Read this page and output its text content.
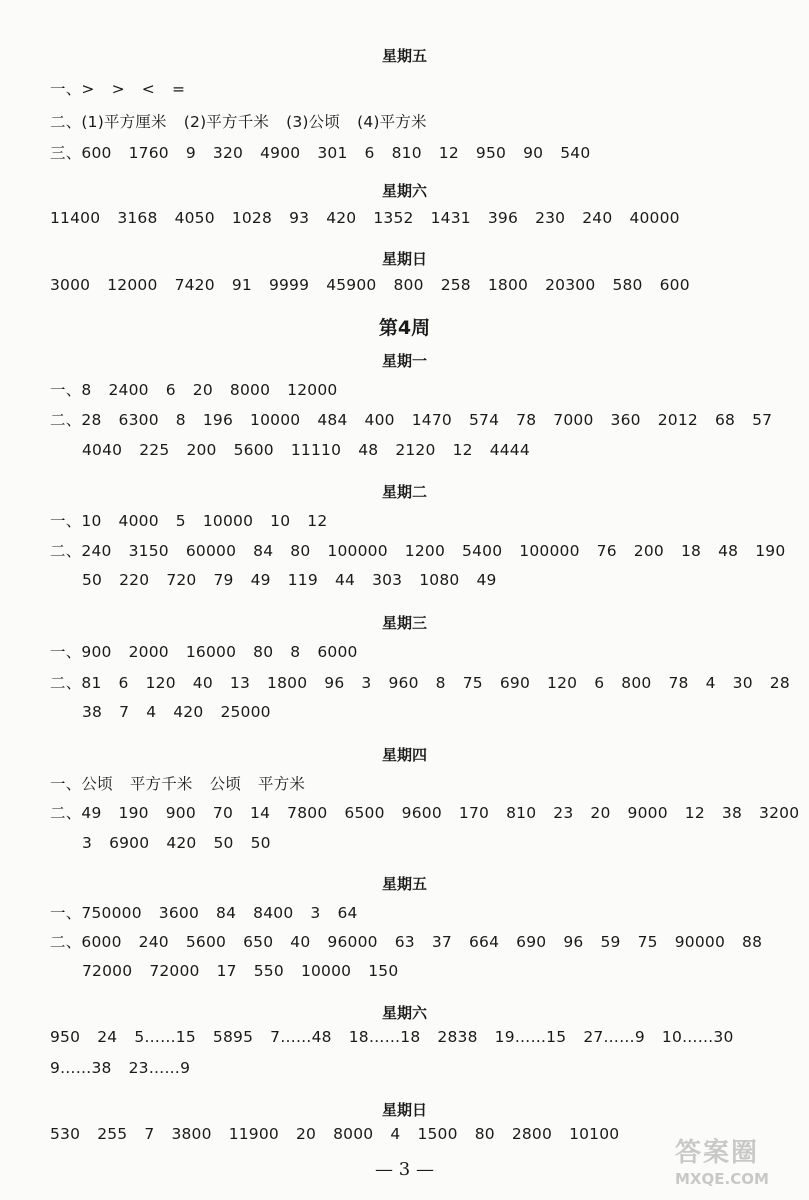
星期五
一、> > < =
二、(1)平方厘米 (2)平方千米 (3)公顷 (4)平方米
三、600 1760 9 320 4900 301 6 810 12 950 90 540
星期六
11400 3168 4050 1028 93 420 1352 1431 396 230 240 40000
星期日
3000 12000 7420 91 9999 45900 800 258 1800 20300 580 600
第4周
星期一
一、8 2400 6 20 8000 12000
二、28 6300 8 196 10000 484 400 1470 574 78 7000 360 2012 68 57
4040 225 200 5600 11110 48 2120 12 4444
星期二
一、10 4000 5 10000 10 12
二、240 3150 60000 84 80 100000 1200 5400 100000 76 200 18 48 190
50 220 720 79 49 119 44 303 1080 49
星期三
一、900 2000 16000 80 8 6000
二、81 6 120 40 13 1800 96 3 960 8 75 690 120 6 800 78 4 30 28
38 7 4 420 25000
星期四
一、公顷 平方千米 公顷 平方米
二、49 190 900 70 14 7800 6500 9600 170 810 23 20 9000 12 38 3200
3 6900 420 50 50
星期五
一、750000 3600 84 8400 3 64
二、6000 240 5600 650 40 96000 63 37 664 690 96 59 75 90000 88
72000 72000 17 550 10000 150
星期六
950 24 5……15 5895 7……48 18……18 2838 19……15 27……9 10……30
9……38 23……9
星期日
530 255 7 3800 11900 20 8000 4 1500 80 2800 10100
— 3 —
答案圈
MXQE.COM
